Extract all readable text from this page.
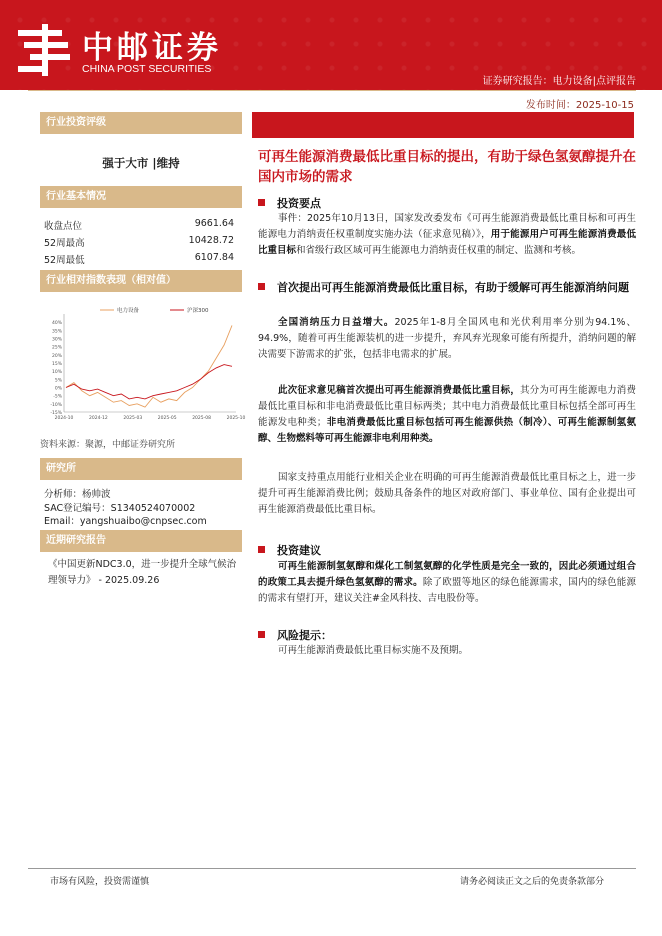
中邮证券
CHINA POST SECURITIES
证券研究报告：电力设备|点评报告
发布时间：2025-10-15
行业投资评级
强于大市 |维持
行业基本情况
收盘点位	9661.64
52周最高	10428.72
52周最低	6107.84
行业相对指数表现（相对值）
40%
35%
30%
25%
20%
15%
10%
5%
0%
-5%
-10%
-15%
2024-10	2024-12	2025-03	2025-05	2025-08	2025-10
电力设备	沪深300
资料来源：聚源，中邮证券研究所
研究所
分析师：杨帅波
SAC登记编号：S1340524070002
Email：yangshuaibo@cnpsec.com
近期研究报告
《中国更新NDC3.0，进一步提升全球气候治理领导力》 - 2025.09.26
可再生能源消费最低比重目标的提出，有助于绿色氢氨醇提升在国内市场的需求
投资要点
事件：2025年10月13日，国家发改委发布《可再生能源消费最低比重目标和可再生能源电力消纳责任权重制度实施办法（征求意见稿）》，用于能源用户可再生能源消费最低比重目标和省级行政区域可再生能源电力消纳责任权重的制定、监测和考核。
首次提出可再生能源消费最低比重目标，有助于缓解可再生能源消纳问题
全国消纳压力日益增大。2025年1-8月全国风电和光伏利用率分别为94.1%、94.9%，随着可再生能源装机的进一步提升，弃风弃光现象可能有所提升，消纳问题的解决需要下游需求的扩张，包括非电需求的扩展。
此次征求意见稿首次提出可再生能源消费最低比重目标，其分为可再生能源电力消费最低比重目标和非电消费最低比重目标两类；其中电力消费最低比重目标包括全部可再生能源发电种类；非电消费最低比重目标包括可再生能源供热（制冷）、可再生能源制氢氨醇、生物燃料等可再生能源非电利用种类。
国家支持重点用能行业相关企业在明确的可再生能源消费最低比重目标之上，进一步提升可再生能源消费比例；鼓励具备条件的地区对政府部门、事业单位、国有企业提出可再生能源消费最低比重目标。
投资建议
可再生能源制氢氨醇和煤化工制氢氨醇的化学性质是完全一致的，因此必须通过组合的政策工具去提升绿色氢氨醇的需求。除了欧盟等地区的绿色能源需求，国内的绿色能源的需求有望打开，建议关注#金风科技、吉电股份等。
风险提示：
可再生能源消费最低比重目标实施不及预期。
市场有风险，投资需谨慎	请务必阅读正文之后的免责条款部分
